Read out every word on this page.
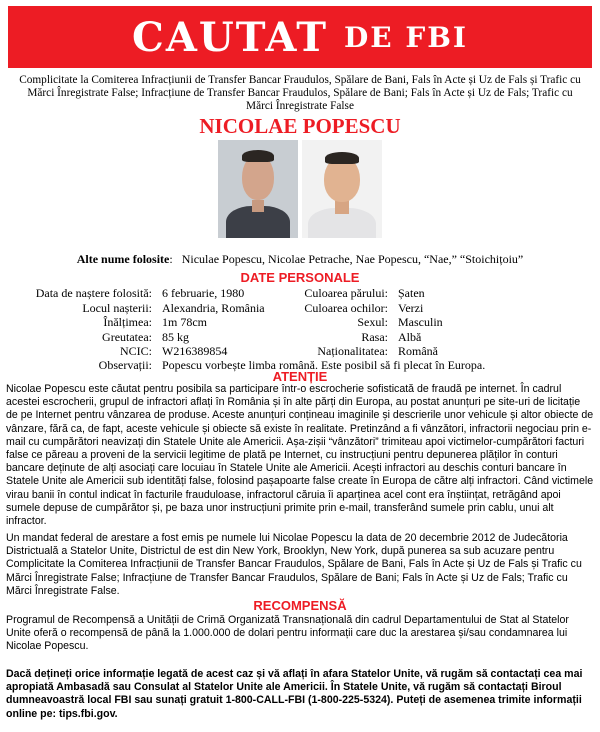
CAUTAT DE FBI
Complicitate la Comiterea Infracțiunii de Transfer Bancar Fraudulos, Spălare de Bani, Fals în Acte și Uz de Fals și Trafic cu Mărci Înregistrate False; Infracțiune de Transfer Bancar Fraudulos, Spălare de Bani; Fals în Acte și Uz de Fals; Trafic cu Mărci Înregistrate False
NICOLAE POPESCU
Alte nume folosite:   Niculae Popescu, Nicolae Petrache, Nae Popescu, “Nae,” “Stoichițoiu”
DATE PERSONALE
Data de naștere folosită:
Locul nașterii:
Înălțimea:
Greutatea:
NCIC:
6 februarie, 1980
Alexandria, România
1m 78cm
85 kg
W216389854
Culoarea părului:
Culoarea ochilor:
Sexul:
Rasa:
Naționalitatea:
Șaten
Verzi
Masculin
Albă
Română
Observații: Popescu vorbește limba română. Este posibil să fi plecat în Europa.
ATENȚIE
Nicolae Popescu este căutat pentru posibila sa participare într-o escrocherie sofisticată de fraudă pe internet. În cadrul acestei escrocherii, grupul de infractori aflați în România și în alte părți din Europa, au postat anunțuri pe site-uri de licitație de pe Internet pentru vânzarea de produse. Aceste anunțuri conțineau imaginile și descrierile unor vehicule și altor obiecte de vânzare, fără ca, de fapt, aceste vehicule și obiecte să existe în realitate. Pretinzând a fi vânzători, infractorii negociau prin e-mail cu cumpărători neavizați din Statele Unite ale Americii. Așa-zișii “vânzători” trimiteau apoi victimelor-cumpărători facturi false ce păreau a proveni de la servicii legitime de plată pe Internet, cu instrucțiuni pentru depunerea plăților în conturi bancare deținute de alți asociați care locuiau în Statele Unite ale Americii. Acești infractori au deschis conturi bancare în Statele Unite ale Americii sub identități false, folosind pașapoarte false create în Europa de către alți infractori. Când victimele virau banii în contul indicat în facturile frauduloase, infractorul căruia îi aparținea acel cont era înștiințat, retrăgând apoi sumele depuse de cumpărător și, pe baza unor instrucțiuni primite prin e-mail, transferând sumele prin cablu, unui alt infractor.
Un mandat federal de arestare a fost emis pe numele lui Nicolae Popescu la data de 20 decembrie 2012 de Judecătoria Districtuală a Statelor Unite, Districtul de est din New York, Brooklyn, New York, după punerea sa sub acuzare pentru Complicitate la Comiterea Infracțiunii de Transfer Bancar Fraudulos, Spălare de Bani, Fals în Acte și Uz de Fals și Trafic cu Mărci Înregistrate False; Infracțiune de Transfer Bancar Fraudulos, Spălare de Bani; Fals în Acte și Uz de Fals; Trafic cu Mărci Înregistrate False.
RECOMPENSĂ
Programul de Recompensă a Unității de Crimă Organizată Transnațională din cadrul Departamentului de Stat al Statelor Unite oferă o recompensă de până la 1.000.000 de dolari pentru informații care duc la arestarea și/sau condamnarea lui Nicolae Popescu.
Dacă dețineți orice informație legată de acest caz și vă aflați în afara Statelor Unite, vă rugăm să contactați cea mai apropiată Ambasadă sau Consulat al Statelor Unite ale Americii. În Statele Unite, vă rugăm să contactați Biroul dumneavoastră local FBI sau sunați gratuit 1-800-CALL-FBI (1-800-225-5324). Puteți de asemenea trimite informații online pe: tips.fbi.gov.
